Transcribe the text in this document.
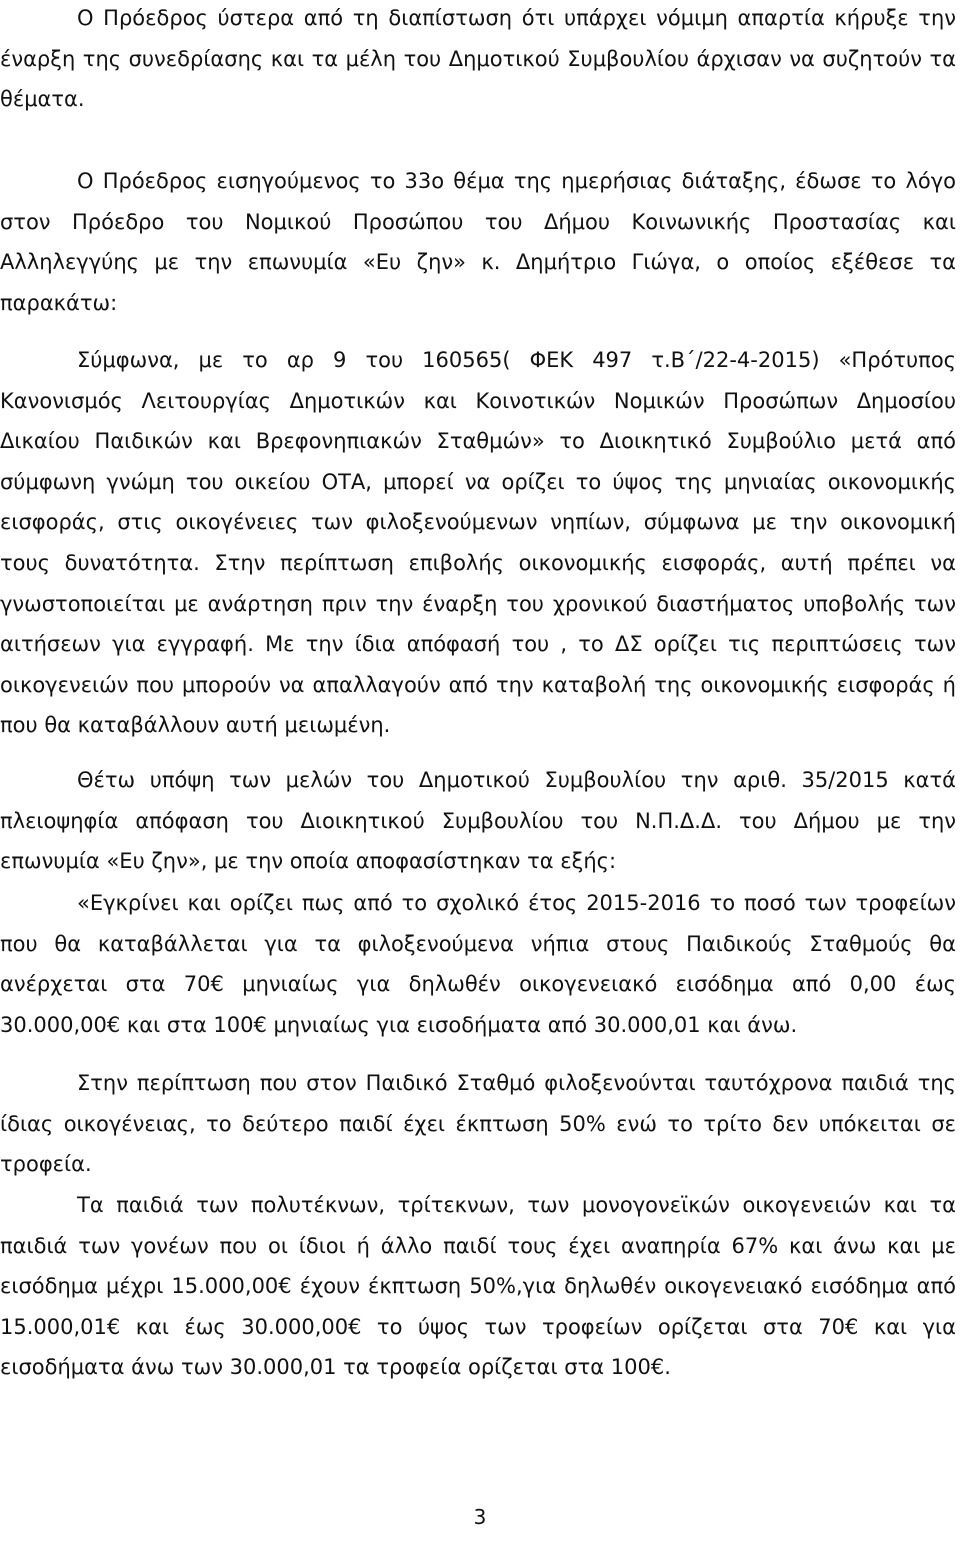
Ο Πρόεδρος ύστερα από τη διαπίστωση ότι υπάρχει νόμιμη απαρτία κήρυξε την έναρξη της συνεδρίασης και τα μέλη του Δημοτικού Συμβουλίου άρχισαν να συζητούν τα θέματα.

Ο Πρόεδρος εισηγούμενος το 33ο θέμα της ημερήσιας διάταξης, έδωσε το λόγο στον Πρόεδρο του Νομικού Προσώπου του Δήμου Κοινωνικής Προστασίας και Αλληλεγγύης με την επωνυμία «Ευ ζην» κ. Δημήτριο Γιώγα, ο οποίος εξέθεσε τα παρακάτω:

Σύμφωνα, με το αρ 9 του 160565( ΦΕΚ 497 τ.Β΄/22-4-2015) «Πρότυπος Κανονισμός Λειτουργίας Δημοτικών και Κοινοτικών Νομικών Προσώπων Δημοσίου Δικαίου Παιδικών και Βρεφονηπιακών Σταθμών» το Διοικητικό Συμβούλιο μετά από σύμφωνη γνώμη του οικείου ΟΤΑ, μπορεί να ορίζει το ύψος της μηνιαίας οικονομικής εισφοράς, στις οικογένειες των φιλοξενούμενων νηπίων, σύμφωνα με την οικονομική τους δυνατότητα. Στην περίπτωση επιβολής οικονομικής εισφοράς, αυτή πρέπει να γνωστοποιείται με ανάρτηση πριν την έναρξη του χρονικού διαστήματος υποβολής των αιτήσεων για εγγραφή. Με την ίδια απόφασή του , το ΔΣ ορίζει τις περιπτώσεις των οικογενειών που μπορούν να απαλλαγούν από την καταβολή της οικονομικής εισφοράς ή που θα καταβάλλουν αυτή μειωμένη.

Θέτω υπόψη των μελών του Δημοτικού Συμβουλίου την αριθ. 35/2015 κατά πλειοψηφία απόφαση του Διοικητικού Συμβουλίου του Ν.Π.Δ.Δ. του Δήμου με την επωνυμία «Ευ ζην», με την οποία αποφασίστηκαν τα εξής:

«Εγκρίνει και ορίζει πως από το σχολικό έτος 2015-2016 το ποσό των τροφείων που θα καταβάλλεται για τα φιλοξενούμενα νήπια στους Παιδικούς Σταθμούς θα ανέρχεται στα 70€ μηνιαίως για δηλωθέν οικογενειακό εισόδημα από 0,00 έως 30.000,00€ και στα 100€ μηνιαίως για εισοδήματα από 30.000,01 και άνω.

Στην περίπτωση που στον Παιδικό Σταθμό φιλοξενούνται ταυτόχρονα παιδιά της ίδιας οικογένειας, το δεύτερο παιδί έχει έκπτωση 50% ενώ το τρίτο δεν υπόκειται σε τροφεία.

Τα παιδιά των πολυτέκνων, τρίτεκνων, των μονογονεϊκών οικογενειών και τα παιδιά των γονέων που οι ίδιοι ή άλλο παιδί τους έχει αναπηρία 67% και άνω και με εισόδημα μέχρι 15.000,00€ έχουν έκπτωση 50%,για δηλωθέν οικογενειακό εισόδημα από 15.000,01€ και έως 30.000,00€ το ύψος των τροφείων ορίζεται στα 70€ και για εισοδήματα άνω των 30.000,01 τα τροφεία ορίζεται στα 100€.

3
